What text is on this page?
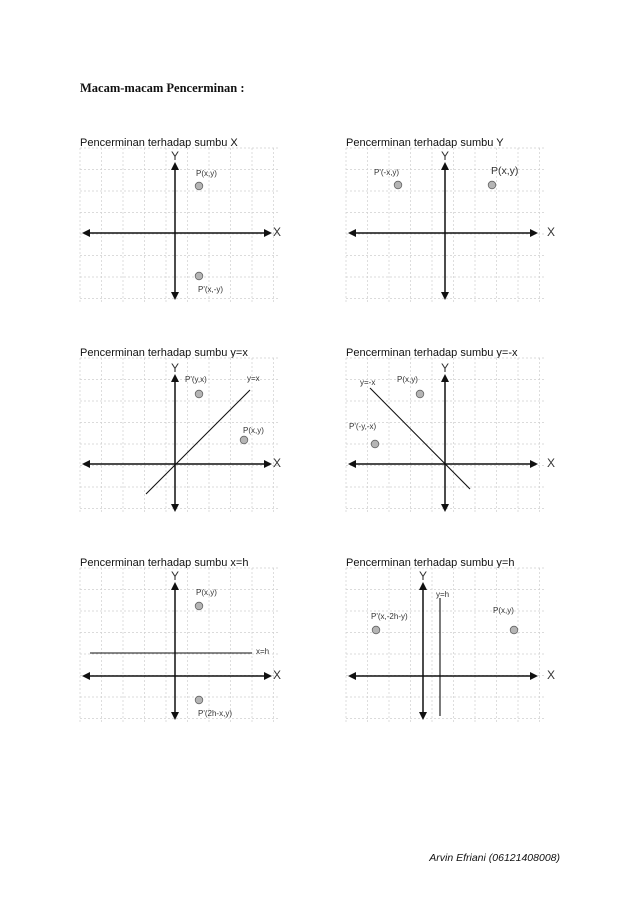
Macam-macam Pencerminan :
Pencerminan terhadap sumbu X
Y
X
P(x,y)
P'(x,-y)
Pencerminan terhadap sumbu Y
Y
X
P'(-x,y)	P(x,y)
Pencerminan terhadap sumbu y=x
Y
X
P'(y,x)	y=x
P(x,y)
Pencerminan terhadap sumbu y=-x
Y
X
y=-x	P(x,y)
P'(-y,-x)
Pencerminan terhadap sumbu x=h
Y
X
P(x,y)
x=h
P'(2h-x,y)
Pencerminan terhadap sumbu y=h
Y
X
y=h
P'(x,-2h-y)
P(x,y)
Arvin Efriani (06121408008)
